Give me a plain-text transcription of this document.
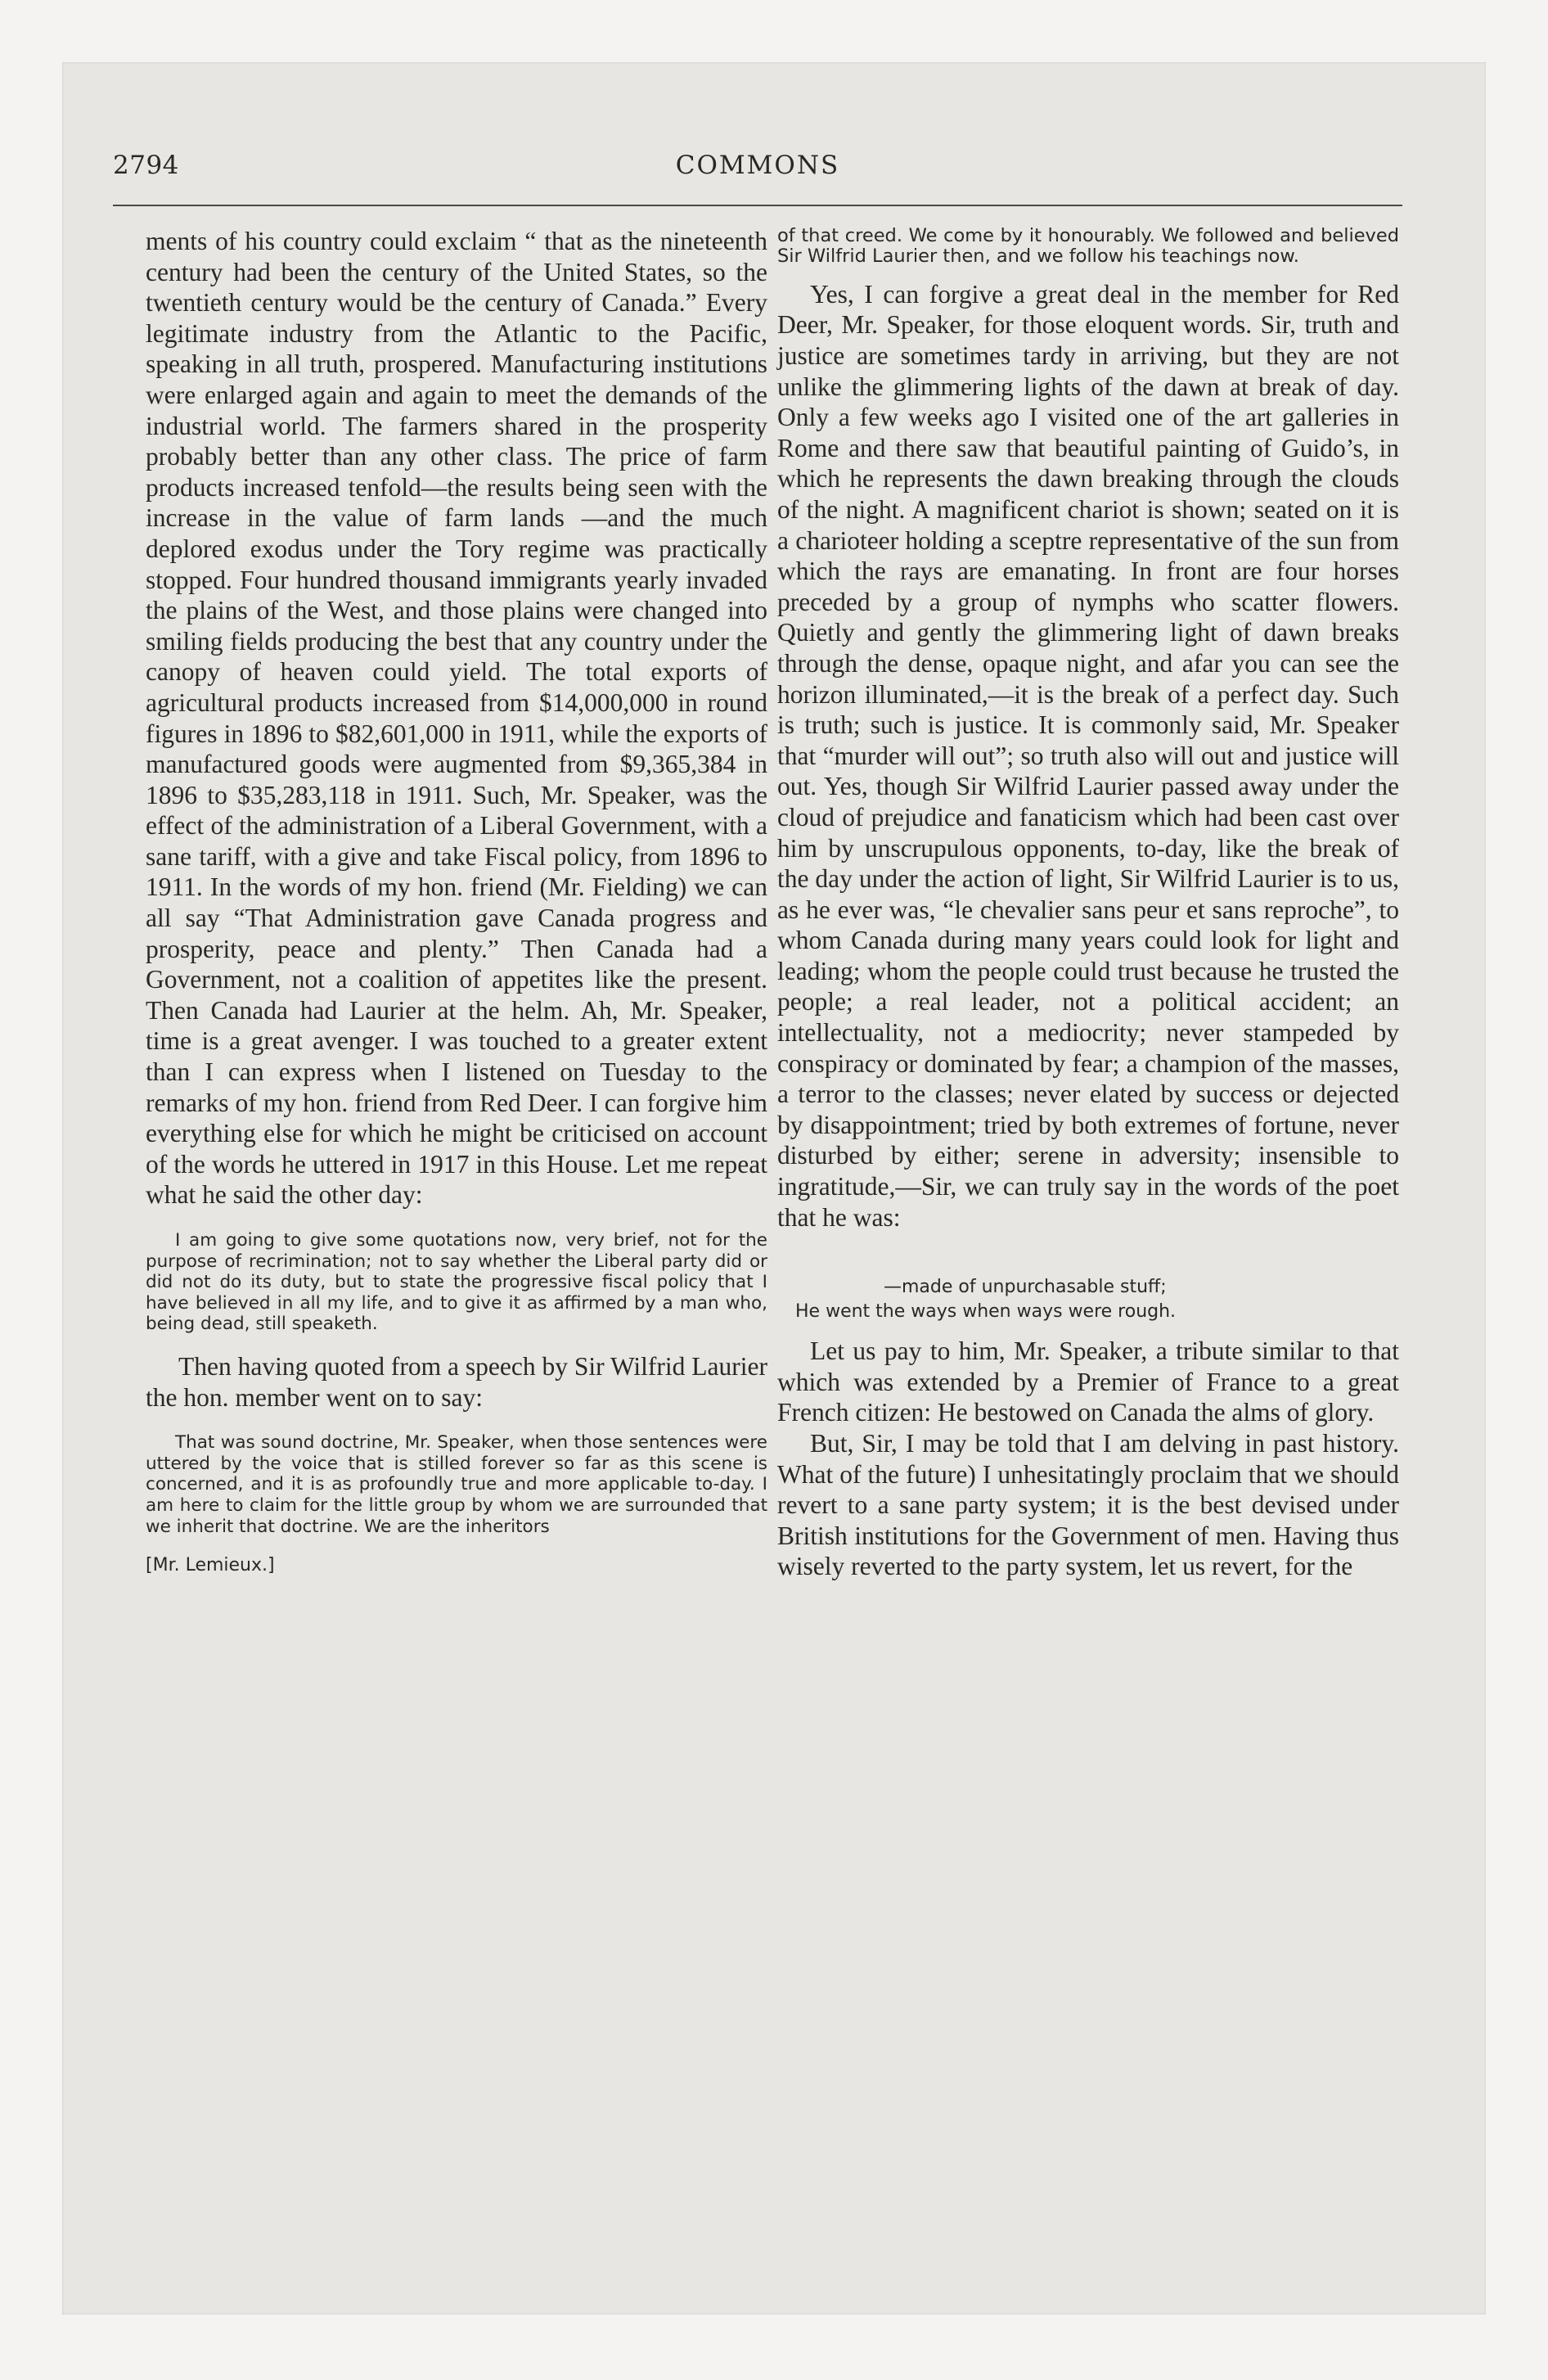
2794	COMMONS

ments of his country could exclaim “ that as the nineteenth century had been the century of the United States, so the twentieth century would be the century of Canada.” Every legitimate industry from the Atlantic to the Pacific, speaking in all truth, prospered. Manufacturing institutions were enlarged again and again to meet the demands of the industrial world. The farmers shared in the prosperity probably better than any other class. The price of farm products increased tenfold—the results being seen with the increase in the value of farm lands —and the much deplored exodus under the Tory regime was practically stopped. Four hundred thousand immigrants yearly invaded the plains of the West, and those plains were changed into smiling fields producing the best that any country under the canopy of heaven could yield. The total exports of agricultural products increased from $14,000,000 in round figures in 1896 to $82,601,000 in 1911, while the exports of manufactured goods were augmented from $9,365,384 in 1896 to $35,283,118 in 1911. Such, Mr. Speaker, was the effect of the administration of a Liberal Government, with a sane tariff, with a give and take Fiscal policy, from 1896 to 1911. In the words of my hon. friend (Mr. Fielding) we can all say “That Administration gave Canada progress and prosperity, peace and plenty.” Then Canada had a Government, not a coalition of appetites like the present. Then Canada had Laurier at the helm. Ah, Mr. Speaker, time is a great avenger. I was touched to a greater extent than I can express when I listened on Tuesday to the remarks of my hon. friend from Red Deer. I can forgive him everything else for which he might be criticised on account of the words he uttered in 1917 in this House. Let me repeat what he said the other day:

I am going to give some quotations now, very brief, not for the purpose of recrimination; not to say whether the Liberal party did or did not do its duty, but to state the progressive fiscal policy that I have believed in all my life, and to give it as affirmed by a man who, being dead, still speaketh.

Then having quoted from a speech by Sir Wilfrid Laurier the hon. member went on to say:

That was sound doctrine, Mr. Speaker, when those sentences were uttered by the voice that is stilled forever so far as this scene is concerned, and it is as profoundly true and more applicable to-day. I am here to claim for the little group by whom we are surrounded that we inherit that doctrine. We are the inheritors

[Mr. Lemieux.]

of that creed. We come by it honourably. We followed and believed Sir Wilfrid Laurier then, and we follow his teachings now.

Yes, I can forgive a great deal in the member for Red Deer, Mr. Speaker, for those eloquent words. Sir, truth and justice are sometimes tardy in arriving, but they are not unlike the glimmering lights of the dawn at break of day. Only a few weeks ago I visited one of the art galleries in Rome and there saw that beautiful painting of Guido’s, in which he represents the dawn breaking through the clouds of the night. A magnificent chariot is shown; seated on it is a charioteer holding a sceptre representative of the sun from which the rays are emanating. In front are four horses preceded by a group of nymphs who scatter flowers. Quietly and gently the glimmering light of dawn breaks through the dense, opaque night, and afar you can see the horizon illuminated,—it is the break of a perfect day. Such is truth; such is justice. It is commonly said, Mr. Speaker that “murder will out”; so truth also will out and justice will out. Yes, though Sir Wilfrid Laurier passed away under the cloud of prejudice and fanaticism which had been cast over him by unscrupulous opponents, to-day, like the break of the day under the action of light, Sir Wilfrid Laurier is to us, as he ever was, “le chevalier sans peur et sans reproche”, to whom Canada during many years could look for light and leading; whom the people could trust because he trusted the people; a real leader, not a political accident; an intellectuality, not a mediocrity; never stampeded by conspiracy or dominated by fear; a champion of the masses, a terror to the classes; never elated by success or dejected by disappointment; tried by both extremes of fortune, never disturbed by either; serene in adversity; insensible to ingratitude,—Sir, we can truly say in the words of the poet that he was:

—made of unpurchasable stuff;
He went the ways when ways were rough.

Let us pay to him, Mr. Speaker, a tribute similar to that which was extended by a Premier of France to a great French citizen: He bestowed on Canada the alms of glory.

But, Sir, I may be told that I am delving in past history. What of the future) I unhesitatingly proclaim that we should revert to a sane party system; it is the best devised under British institutions for the Government of men. Having thus wisely reverted to the party system, let us revert, for the
